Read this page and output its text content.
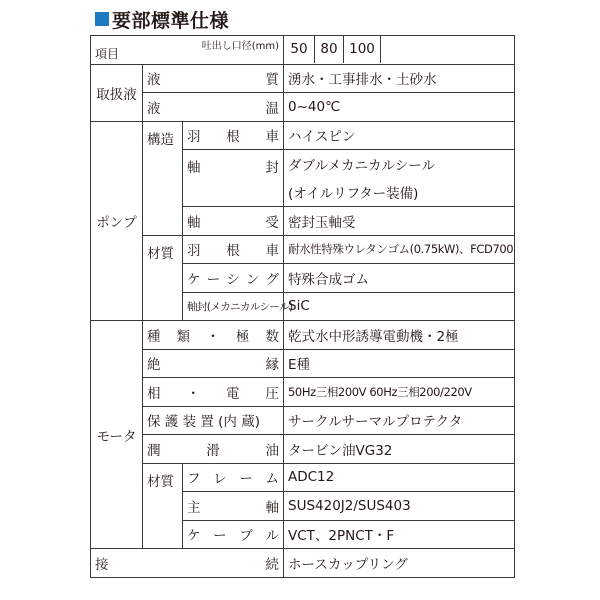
要部標準仕様
吐出し口径(mm)
項目			50 80 100
取扱液	液 質		湧水・工事排水・土砂水

	液 温		0~40℃
ポンプ	構造	羽 根 車	ハイスピン

		軸 封	ダブルメカニカルシール
			(オイルリフター装備)

		軸 受	密封玉軸受
	材質	羽 根 車	耐水性特殊ウレタンゴム(0.75kW)、FCD700

		ケ ー シ ン グ	特殊合成ゴム
		軸封(メカニカルシール)	SiC
モータ	種 類 ・ 極 数		乾式水中形誘導電動機・2極

	絶 縁		E種

	相 ・ 電 圧		50Hz三相200V 60Hz三相200/220V
	保 護 装 置 (内 蔵)		サークルサーマルプロテクタ

	潤 滑 油		タービン油VG32
	材質	フ レ ー ム	ADC12

		主 軸	SUS420J2/SUS403

		ケ ー ブ ル	VCT、2PNCT・F

接 続			ホースカップリング
